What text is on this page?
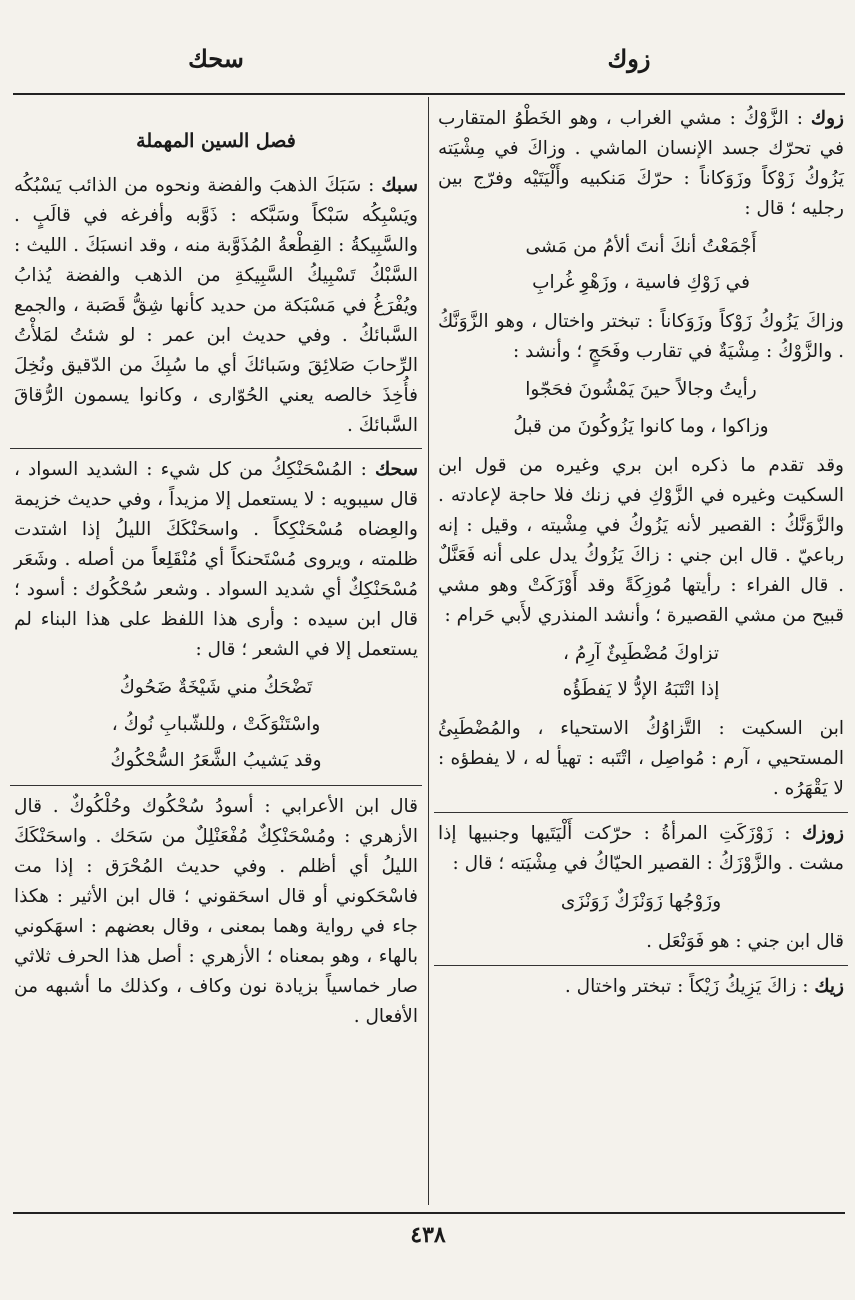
زوك
سحك

زوك : الزَّوْكُ : مشي الغراب ، وهو الخَطْوُ المتقارب في تحرّك جسد الإنسان الماشي . وزاكَ في مِشْيَته يَزُوكُ زَوْكاً وزَوَكاناً : حرّكَ مَنكبيه وأَلْيَتَيْه وفرّج بين رجليه ؛ قال :

أَجْمَعْتُ أنكَ أنتَ ألأمُ من مَشى

في زَوْكِ فاسية ، وزَهْوِ غُرابِ

وزاكَ يَزُوكُ زَوْكاً وزَوَكاناً : تبختر واختال ، وهو الزَّوَنَّكُ . والزَّوْكُ : مِشْيَةٌ في تقارب وفَحَجٍ ؛ وأنشد :

رأيتُ وجالاً حينَ يَمْشُونَ فحَجّوا

وزاكوا ، وما كانوا يَزُوكُونَ من قبلُ

وقد تقدم ما ذكره ابن بري وغيره من قول ابن السكيت وغيره في الزَّوْكِ في زنك فلا حاجة لإعادته . والزَّوَنَّكُ : القصير لأنه يَزُوكُ في مِشْيته ، وقيل : إنه رباعيّ . قال ابن جني : زاكَ يَزُوكُ يدل على أنه فَعَنَّلٌ . قال الفراء : رأيتها مُوزِكَةً وقد أَوْزَكَتْ وهو مشي قبيح من مشي القصيرة ؛ وأنشد المنذري لأَبي حَرام :

تزاوكَ مُضْطَبِئٌ آرِمُ ،

إذا اتْتَبَهُ الإدُّ لا يَفطَؤُه

ابن السكيت : التَّزاوُكُ الاستحياء ، والمُضْطَبِئُ المستحيي ، آرم : مُواصِل ، اتْتَبه : تهيأ له ، لا يفطؤه : لا يَقْهَرُه .

زوزك : زَوْزَكَتِ المرأةُ : حرّكت أَلْيَتَيها وجنبيها إذا مشت . والزَّوْزَكُ : القصير الحيّاكُ في مِشْيَته ؛ قال :

وزَوْجُها زَوَنْزَكٌ زَوَنْزَى

قال ابن جني : هو فَوَنْعَل .

زيك : زاكَ يَزِيكُ زَيْكاً : تبختر واختال .

فصل السين المهملة

سبك : سَبَكَ الذهبَ والفضة ونحوه من الذائب يَسْبُكُه ويَسْبِكُه سَبْكاً وسَبَّكه : ذَوَّبه وأفرغه في قالَبٍ . والسَّبِيكةُ : القِطْعةُ المُذَوَّبة منه ، وقد انسبَكَ . الليث : السَّبْكُ تَسْبِيكُ السَّبِيكةِ من الذهب والفضة يُذابُ ويُفْرَغُ في مَسْبَكة من حديد كأنها شِقُّ قَصَبة ، والجمع السَّبائكُ . وفي حديث ابن عمر : لو شئتُ لمَلأْتُ الرِّحابَ صَلائِقَ وسَبائكَ أي ما سُبِكَ من الدّقيق ونُخِلَ فأُخِذَ خالصه يعني الحُوّارى ، وكانوا يسمون الرُّقاقَ السَّبائكَ .

سحك : المُسْحَنْكِكُ من كل شيء : الشديد السواد ، قال سيبويه : لا يستعمل إلا مزيداً ، وفي حديث خزيمة والعِضاه مُسْحَنْكِكاً . واسحَنْكَكَ الليلُ إذا اشتدت ظلمته ، ويروى مُسْتَحنكاً أي مُنْقَلِعاً من أصله . وشَعَر مُسْحَنْكِكٌ أي شديد السواد . وشعر سُحْكُوك : أسود ؛ قال ابن سيده : وأرى هذا اللفظ على هذا البناء لم يستعمل إلا في الشعر ؛ قال :

تَضْحَكُ مني شَيْخَةٌ ضَحُوكُ

واسْتَنْوَكَتْ ، وللشّبابِ نُوكُ ،

وقد يَشيبُ الشَّعَرُ السُّحْكُوكُ

قال ابن الأعرابي : أسودُ سُحْكُوك وحُلْكُوكٌ . قال الأزهري : ومُسْحَنْكِكٌ مُفْعَنْلِلٌ من سَحَك . واسحَنْكَكَ الليلُ أي أظلم . وفي حديث المُحْرَق : إذا مت فاسْحَكوني أو قال اسحَقوني ؛ قال ابن الأثير : هكذا جاء في رواية وهما بمعنى ، وقال بعضهم : اسهَكوني بالهاء ، وهو بمعناه ؛ الأزهري : أصل هذا الحرف ثلاثي صار خماسياً بزيادة نون وكاف ، وكذلك ما أشبهه من الأفعال .

٤٣٨
